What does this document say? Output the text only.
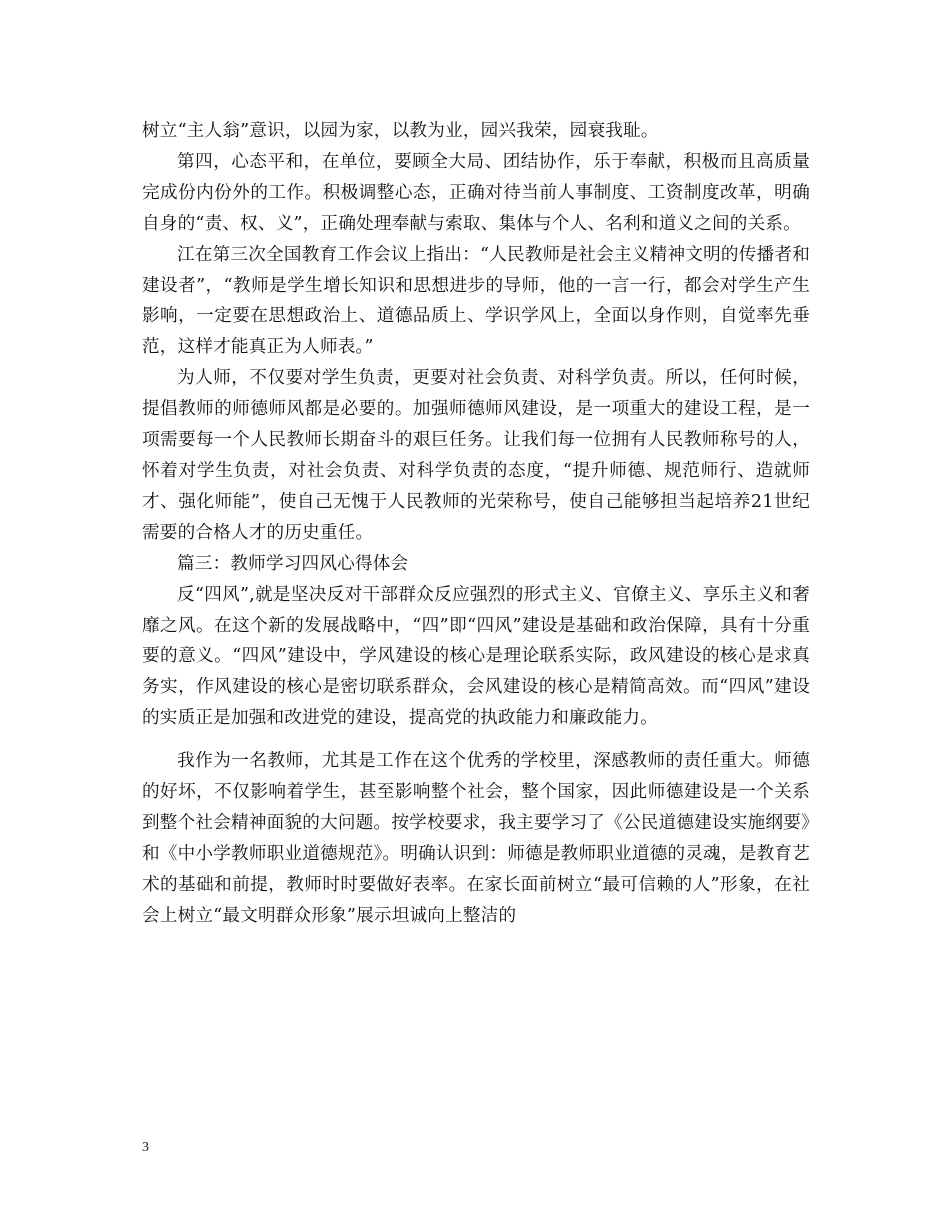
树立“主人翁”意识，以园为家，以教为业，园兴我荣，园衰我耻。

第四，心态平和，在单位，要顾全大局、团结协作，乐于奉献，积极而且高质量完成份内份外的工作。积极调整心态，正确对待当前人事制度、工资制度改革，明确自身的“责、权、义”，正确处理奉献与索取、集体与个人、名利和道义之间的关系。

江在第三次全国教育工作会议上指出：“人民教师是社会主义精神文明的传播者和建设者”，“教师是学生增长知识和思想进步的导师，他的一言一行，都会对学生产生影响，一定要在思想政治上、道德品质上、学识学风上，全面以身作则，自觉率先垂范，这样才能真正为人师表。”

为人师，不仅要对学生负责，更要对社会负责、对科学负责。所以，任何时候，提倡教师的师德师风都是必要的。加强师德师风建设，是一项重大的建设工程，是一项需要每一个人民教师长期奋斗的艰巨任务。让我们每一位拥有人民教师称号的人，怀着对学生负责，对社会负责、对科学负责的态度，“提升师德、规范师行、造就师才、强化师能”，使自己无愧于人民教师的光荣称号，使自己能够担当起培养21世纪需要的合格人才的历史重任。

篇三：教师学习四风心得体会

反“四风”,就是坚决反对干部群众反应强烈的形式主义、官僚主义、享乐主义和奢靡之风。在这个新的发展战略中，“四”即“四风”建设是基础和政治保障，具有十分重要的意义。“四风”建设中，学风建设的核心是理论联系实际，政风建设的核心是求真务实，作风建设的核心是密切联系群众，会风建设的核心是精简高效。而“四风”建设的实质正是加强和改进党的建设，提高党的执政能力和廉政能力。

我作为一名教师，尤其是工作在这个优秀的学校里，深感教师的责任重大。师德的好坏，不仅影响着学生，甚至影响整个社会，整个国家，因此师德建设是一个关系到整个社会精神面貌的大问题。按学校要求，我主要学习了《公民道德建设实施纲要》和《中小学教师职业道德规范》。明确认识到：师德是教师职业道德的灵魂，是教育艺术的基础和前提，教师时时要做好表率。在家长面前树立“最可信赖的人”形象，在社会上树立“最文明群众形象”展示坦诚向上整洁的

3
